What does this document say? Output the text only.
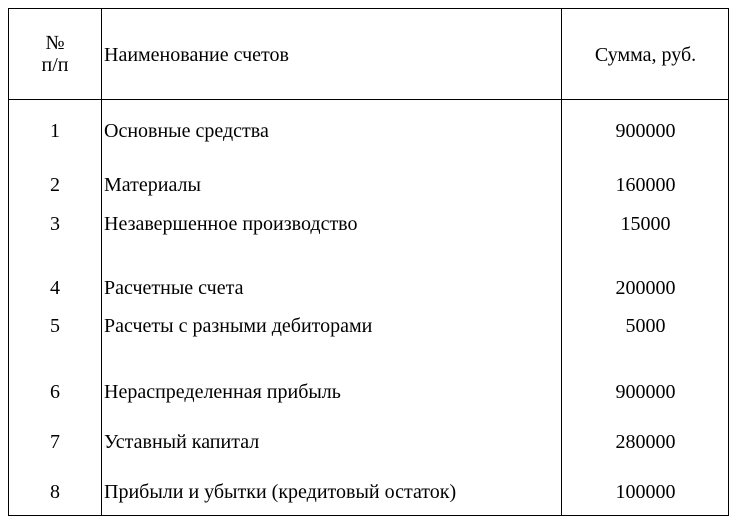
№
п/п	Наименование счетов	Сумма, руб.
1	Основные средства	900000
2	Материалы	160000
3	Незавершенное производство	15000
4	Расчетные счета	200000
5	Расчеты с разными дебиторами	5000
6	Нераспределенная прибыль	900000
7	Уставный капитал	280000
8	Прибыли и убытки (кредитовый остаток)	100000
